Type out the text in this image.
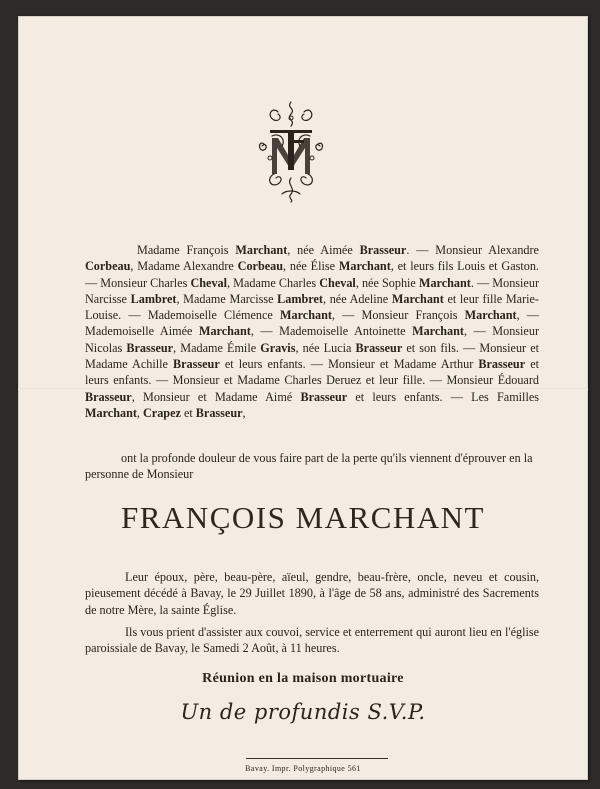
Madame François Marchant, née Aimée Brasseur. — Monsieur Alexandre Corbeau, Madame Alexandre Corbeau, née Élise Marchant, et leurs fils Louis et Gaston. — Monsieur Charles Cheval, Madame Charles Cheval, née Sophie Marchant. — Monsieur Narcisse Lambret, Madame Marcisse Lambret, née Adeline Marchant et leur fille Marie-Louise. — Mademoiselle Clémence Marchant, — Monsieur François Marchant, — Mademoiselle Aimée Marchant, — Mademoiselle Antoinette Marchant, — Monsieur Nicolas Brasseur, Madame Émile Gravis, née Lucia Brasseur et son fils. — Monsieur et Madame Achille Brasseur et leurs enfants. — Monsieur et Madame Arthur Brasseur et leurs enfants. — Monsieur et Madame Charles Deruez et leur fille. — Monsieur Édouard Brasseur, Monsieur et Madame Aimé Brasseur et leurs enfants. — Les Familles Marchant, Crapez et Brasseur,

ont la profonde douleur de vous faire part de la perte qu'ils viennent d'éprouver en la personne de Monsieur

FRANÇOIS MARCHANT

Leur époux, père, beau-père, aïeul, gendre, beau-frère, oncle, neveu et cousin, pieusement décédé à Bavay, le 29 Juillet 1890, à l'âge de 58 ans, administré des Sacrements de notre Mère, la sainte Église.

Ils vous prient d'assister aux couvoi, service et enterrement qui auront lieu en l'église paroissiale de Bavay, le Samedi 2 Août, à 11 heures.

Réunion en la maison mortuaire
Un de profundis S.V.P.
Bavay. Impr. Polygraphique 561
